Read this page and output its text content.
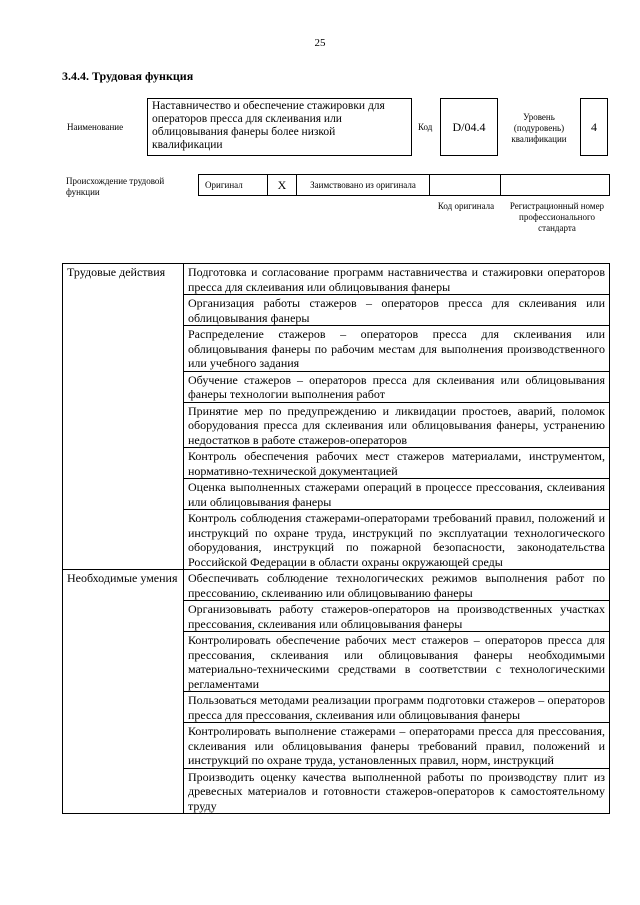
25
3.4.4. Трудовая функция
Наименование
Наставничество и обеспечение стажировки для операторов пресса для склеивания или облицовывания фанеры более низкой квалификации
Код	D/04.4
Уровень (подуровень) квалификации
4
Происхождение трудовой функции
Оригинал	X	Заимствовано из оригинала
Код оригинала	Регистрационный номер профессионального стандарта
Трудовые действия	Подготовка и согласование программ наставничества и стажировки операторов пресса для склеивания или облицовывания фанеры
	Организация работы стажеров – операторов пресса для склеивания или облицовывания фанеры
	Распределение стажеров – операторов пресса для склеивания или облицовывания фанеры по рабочим местам для выполнения производственного или учебного задания
	Обучение стажеров – операторов пресса для склеивания или облицовывания фанеры технологии выполнения работ
	Принятие мер по предупреждению и ликвидации простоев, аварий, поломок оборудования пресса для склеивания или облицовывания фанеры, устранению недостатков в работе стажеров-операторов
	Контроль обеспечения рабочих мест стажеров материалами, инструментом, нормативно-технической документацией
	Оценка выполненных стажерами операций в процессе прессования, склеивания или облицовывания фанеры
	Контроль соблюдения стажерами-операторами требований правил, положений и инструкций по охране труда, инструкций по эксплуатации технологического оборудования, инструкций по пожарной безопасности, законодательства Российской Федерации в области охраны окружающей среды
Необходимые умения	Обеспечивать соблюдение технологических режимов выполнения работ по прессованию, склеиванию или облицовыванию фанеры
	Организовывать работу стажеров-операторов на производственных участках прессования, склеивания или облицовывания фанеры
	Контролировать обеспечение рабочих мест стажеров – операторов пресса для прессования, склеивания или облицовывания фанеры необходимыми материально-техническими средствами в соответствии с технологическими регламентами
	Пользоваться методами реализации программ подготовки стажеров – операторов пресса для прессования, склеивания или облицовывания фанеры
	Контролировать выполнение стажерами – операторами пресса для прессования, склеивания или облицовывания фанеры требований правил, положений и инструкций по охране труда, установленных правил, норм, инструкций
	Производить оценку качества выполненной работы по производству плит из древесных материалов и готовности стажеров-операторов к самостоятельному труду
